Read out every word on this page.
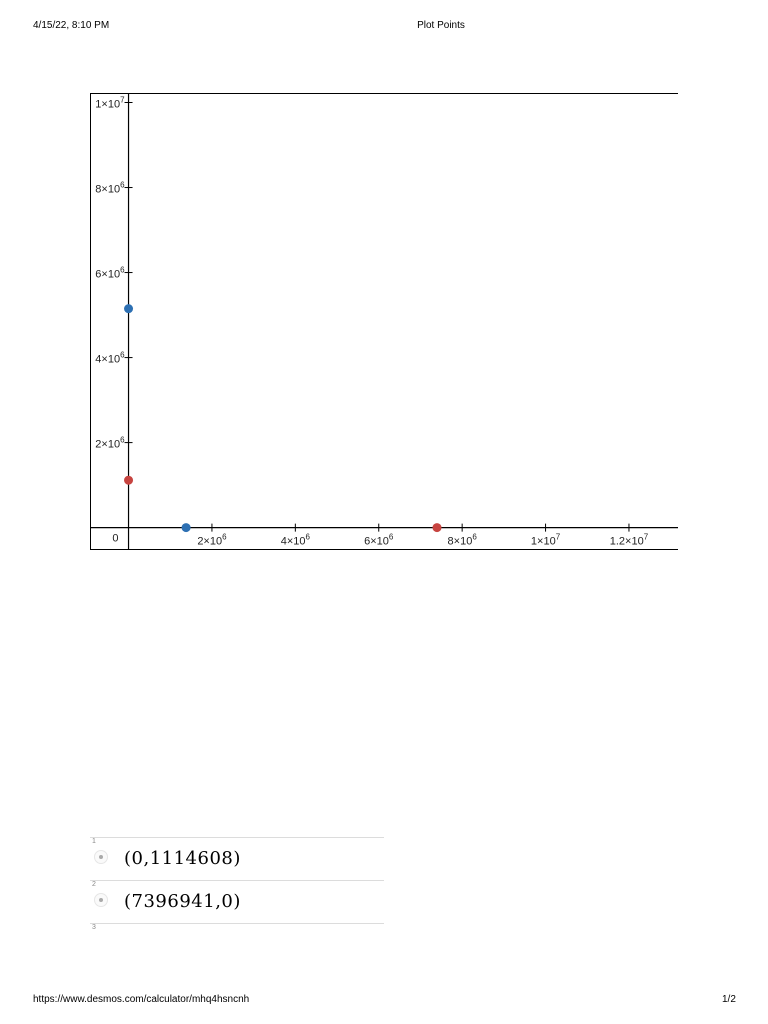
4/15/22, 8:10 PM	Plot Points
0	$2\times 10^6$	$4\times 10^6$	$6\times 10^6$	$8\times 10^6$	$1\times 10^7$	$1.2\times 10^7$
$2\times 10^6$
$4\times 10^6$
$6\times 10^6$
$8\times 10^6$
$1\times 10^7$
1
(0,1114608)
2
(7396941,0)
3
https://www.desmos.com/calculator/mhq4hsncnh	1/2
